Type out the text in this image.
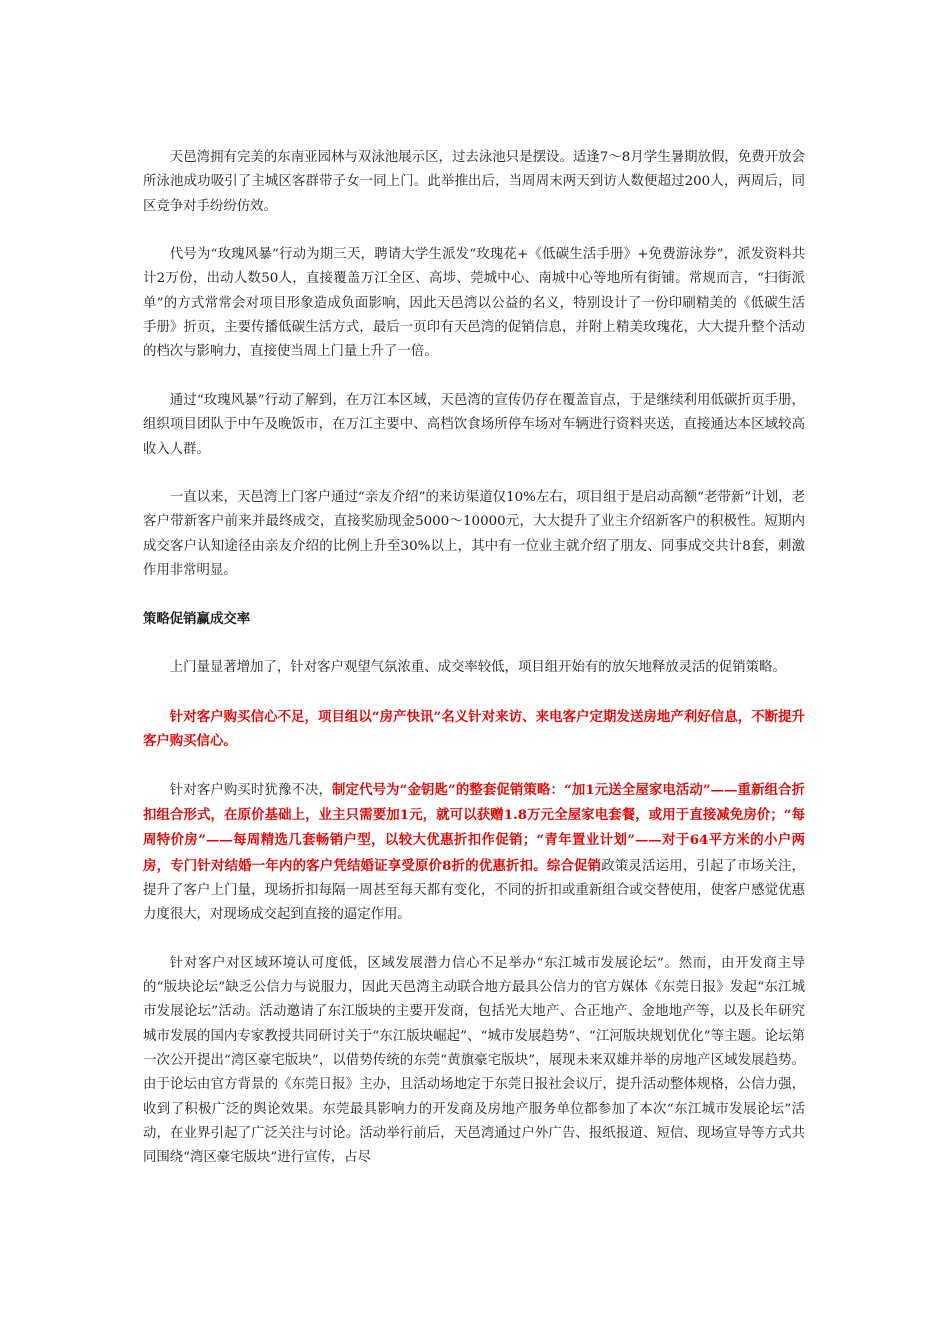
天邑湾拥有完美的东南亚园林与双泳池展示区，过去泳池只是摆设。适逢7～8月学生暑期放假，免费开放会所泳池成功吸引了主城区客群带子女一同上门。此举推出后，当周周末两天到访人数便超过200人，两周后，同区竞争对手纷纷仿效。

代号为“玫瑰风暴”行动为期三天，聘请大学生派发“玫瑰花+《低碳生活手册》+免费游泳券”，派发资料共计2万份，出动人数50人，直接覆盖万江全区、高埗、莞城中心、南城中心等地所有街铺。常规而言，“扫街派单”的方式常常会对项目形象造成负面影响，因此天邑湾以公益的名义，特别设计了一份印刷精美的《低碳生活手册》折页，主要传播低碳生活方式，最后一页印有天邑湾的促销信息，并附上精美玫瑰花，大大提升整个活动的档次与影响力，直接使当周上门量上升了一倍。

通过“玫瑰风暴”行动了解到，在万江本区域，天邑湾的宣传仍存在覆盖盲点，于是继续利用低碳折页手册，组织项目团队于中午及晚饭市，在万江主要中、高档饮食场所停车场对车辆进行资料夹送，直接通达本区域较高收入人群。

一直以来，天邑湾上门客户通过“亲友介绍”的来访渠道仅10%左右，项目组于是启动高额“老带新”计划，老客户带新客户前来并最终成交，直接奖励现金5000～10000元，大大提升了业主介绍新客户的积极性。短期内成交客户认知途径由亲友介绍的比例上升至30%以上，其中有一位业主就介绍了朋友、同事成交共计8套，刺激作用非常明显。

策略促销赢成交率

上门量显著增加了，针对客户观望气氛浓重、成交率较低，项目组开始有的放矢地释放灵活的促销策略。

针对客户购买信心不足，项目组以“房产快讯”名义针对来访、来电客户定期发送房地产利好信息，不断提升客户购买信心。

针对客户购买时犹豫不决，制定代号为“金钥匙”的整套促销策略：“加1元送全屋家电活动”——重新组合折扣组合形式，在原价基础上，业主只需要加1元，就可以获赠1.8万元全屋家电套餐，或用于直接减免房价；“每周特价房”——每周精选几套畅销户型，以较大优惠折扣作促销；“青年置业计划”——对于64平方米的小户两房，专门针对结婚一年内的客户凭结婚证享受原价8折的优惠折扣。综合促销政策灵活运用，引起了市场关注，提升了客户上门量，现场折扣每隔一周甚至每天都有变化，不同的折扣或重新组合或交替使用，使客户感觉优惠力度很大，对现场成交起到直接的逼定作用。

针对客户对区域环境认可度低，区域发展潜力信心不足举办“东江城市发展论坛”。然而，由开发商主导的“版块论坛”缺乏公信力与说服力，因此天邑湾主动联合地方最具公信力的官方媒体《东莞日报》发起“东江城市发展论坛”活动。活动邀请了东江版块的主要开发商，包括光大地产、合正地产、金地地产等，以及长年研究城市发展的国内专家教授共同研讨关于“东江版块崛起”、“城市发展趋势”、“江河版块规划优化”等主题。论坛第一次公开提出“湾区豪宅版块”，以借势传统的东莞“黄旗豪宅版块”，展现未来双雄并举的房地产区域发展趋势。由于论坛由官方背景的《东莞日报》主办，且活动场地定于东莞日报社会议厅，提升活动整体规格，公信力强，收到了积极广泛的舆论效果。东莞最具影响力的开发商及房地产服务单位都参加了本次“东江城市发展论坛”活动，在业界引起了广泛关注与讨论。活动举行前后，天邑湾通过户外广告、报纸报道、短信、现场宣导等方式共同围绕“湾区豪宅版块”进行宣传，占尽
